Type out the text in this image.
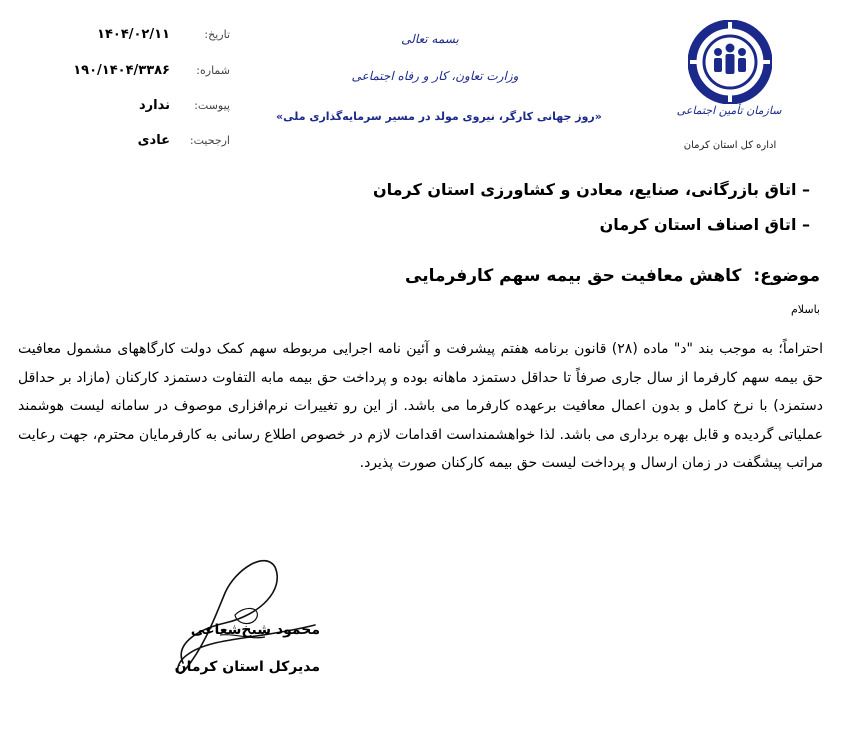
سازمان تأمین اجتماعی
اداره کل استان کرمان
بسمه تعالی
وزارت تعاون، کار و رفاه اجتماعی
«روز جهانی کارگر، نیروی مولد در مسیر سرمایه‌گذاری ملی»
تاریخ:
۱۴۰۴/۰۲/۱۱
شماره:
۱۹۰/۱۴۰۴/۳۳۸۶
پیوست:
ندارد
ارجحیت:
عادی
– اتاق بازرگانی، صنایع، معادن و کشاورزی استان کرمان
– اتاق اصناف استان کرمان
موضوع: کاهش معافیت حق بیمه سهم کارفرمایی
باسلام
احتراماً؛ به موجب بند "د" ماده (۲۸) قانون برنامه هفتم پیشرفت و آئین نامه اجرایی مربوطه سهم کمک دولت کارگاههای مشمول معافیت حق بیمه سهم کارفرما از سال جاری صرفاً تا حداقل دستمزد ماهانه بوده و پرداخت حق بیمه مابه التفاوت دستمزد کارکنان (مازاد بر حداقل دستمزد) با نرخ کامل و بدون اعمال معافیت برعهده کارفرما می باشد. از این رو تغییرات نرم‌افزاری موصوف در سامانه لیست هوشمند عملیاتی گردیده و قابل بهره برداری می باشد. لذا خواهشمنداست اقدامات لازم در خصوص اطلاع رسانی به کارفرمایان محترم، جهت رعایت مراتب پیشگفت در زمان ارسال و پرداخت لیست حق بیمه کارکنان صورت پذیرد.
محمود شیخ‌شعاعی
مدیرکل استان کرمان
